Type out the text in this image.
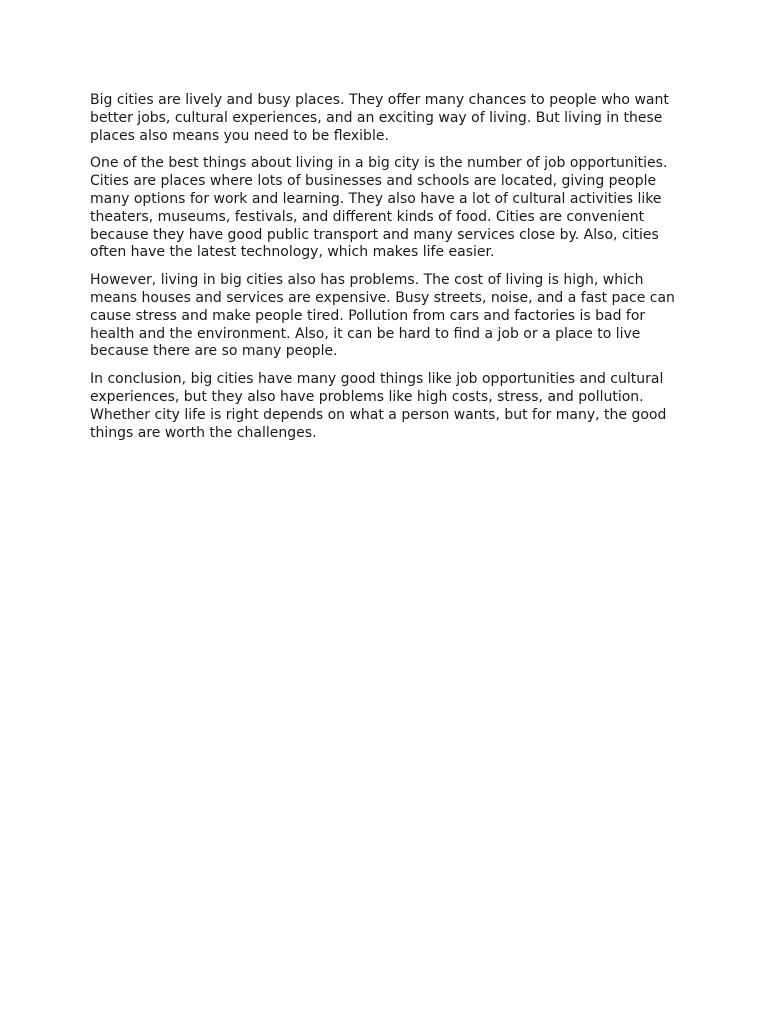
Big cities are lively and busy places. They offer many chances to people who want better jobs, cultural experiences, and an exciting way of living. But living in these places also means you need to be flexible.

One of the best things about living in a big city is the number of job opportunities. Cities are places where lots of businesses and schools are located, giving people many options for work and learning. They also have a lot of cultural activities like theaters, museums, festivals, and different kinds of food. Cities are convenient because they have good public transport and many services close by. Also, cities often have the latest technology, which makes life easier.

However, living in big cities also has problems. The cost of living is high, which means houses and services are expensive. Busy streets, noise, and a fast pace can cause stress and make people tired. Pollution from cars and factories is bad for health and the environment. Also, it can be hard to find a job or a place to live because there are so many people.

In conclusion, big cities have many good things like job opportunities and cultural experiences, but they also have problems like high costs, stress, and pollution. Whether city life is right depends on what a person wants, but for many, the good things are worth the challenges.
